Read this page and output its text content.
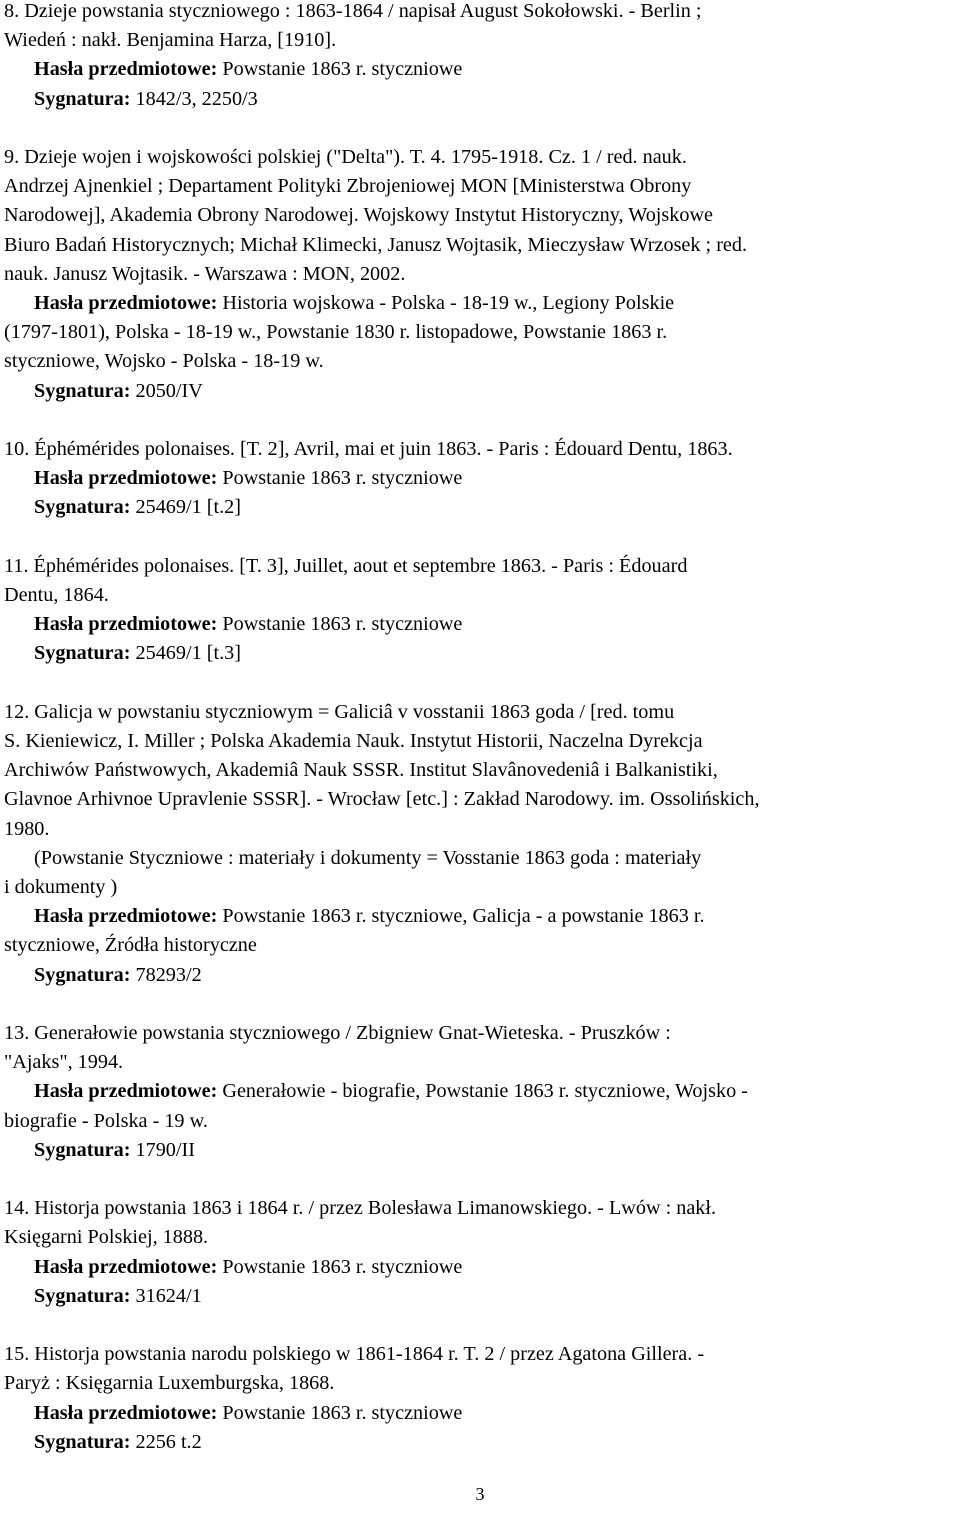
8. Dzieje powstania styczniowego : 1863-1864 / napisał August Sokołowski. - Berlin ;
Wiedeń : nakł. Benjamina Harza, [1910].
Hasła przedmiotowe: Powstanie 1863 r. styczniowe
Sygnatura: 1842/3, 2250/3
9. Dzieje wojen i wojskowości polskiej ("Delta"). T. 4. 1795-1918. Cz. 1 / red. nauk.
Andrzej Ajnenkiel ; Departament Polityki Zbrojeniowej MON [Ministerstwa Obrony
Narodowej], Akademia Obrony Narodowej. Wojskowy Instytut Historyczny, Wojskowe
Biuro Badań Historycznych; Michał Klimecki, Janusz Wojtasik, Mieczysław Wrzosek ; red.
nauk. Janusz Wojtasik. - Warszawa : MON, 2002.
Hasła przedmiotowe: Historia wojskowa - Polska - 18-19 w., Legiony Polskie
(1797-1801), Polska - 18-19 w., Powstanie 1830 r. listopadowe, Powstanie 1863 r.
styczniowe, Wojsko - Polska - 18-19 w.
Sygnatura: 2050/IV
10. Éphémérides polonaises. [T. 2], Avril, mai et juin 1863. - Paris : Édouard Dentu, 1863.
Hasła przedmiotowe: Powstanie 1863 r. styczniowe
Sygnatura: 25469/1 [t.2]
11. Éphémérides polonaises. [T. 3], Juillet, aout et septembre 1863. - Paris : Édouard
Dentu, 1864.
Hasła przedmiotowe: Powstanie 1863 r. styczniowe
Sygnatura: 25469/1 [t.3]
12. Galicja w powstaniu styczniowym = Galiciâ v vosstanii 1863 goda / [red. tomu
S. Kieniewicz, I. Miller ; Polska Akademia Nauk. Instytut Historii, Naczelna Dyrekcja
Archiwów Państwowych, Akademiâ Nauk SSSR. Institut Slavânovedeniâ i Balkanistiki,
Glavnoe Arhivnoe Upravlenie SSSR]. - Wrocław [etc.] : Zakład Narodowy. im. Ossolińskich,
1980.
(Powstanie Styczniowe : materiały i dokumenty = Vosstanie 1863 goda : materiały
i dokumenty )
Hasła przedmiotowe: Powstanie 1863 r. styczniowe, Galicja - a powstanie 1863 r.
styczniowe, Źródła historyczne
Sygnatura: 78293/2
13. Generałowie powstania styczniowego / Zbigniew Gnat-Wieteska. - Pruszków :
"Ajaks", 1994.
Hasła przedmiotowe: Generałowie - biografie, Powstanie 1863 r. styczniowe, Wojsko -
biografie - Polska - 19 w.
Sygnatura: 1790/II
14. Historja powstania 1863 i 1864 r. / przez Bolesława Limanowskiego. - Lwów : nakł.
Księgarni Polskiej, 1888.
Hasła przedmiotowe: Powstanie 1863 r. styczniowe
Sygnatura: 31624/1
15. Historja powstania narodu polskiego w 1861-1864 r. T. 2 / przez Agatona Gillera. -
Paryż : Księgarnia Luxemburgska, 1868.
Hasła przedmiotowe: Powstanie 1863 r. styczniowe
Sygnatura: 2256 t.2
3
